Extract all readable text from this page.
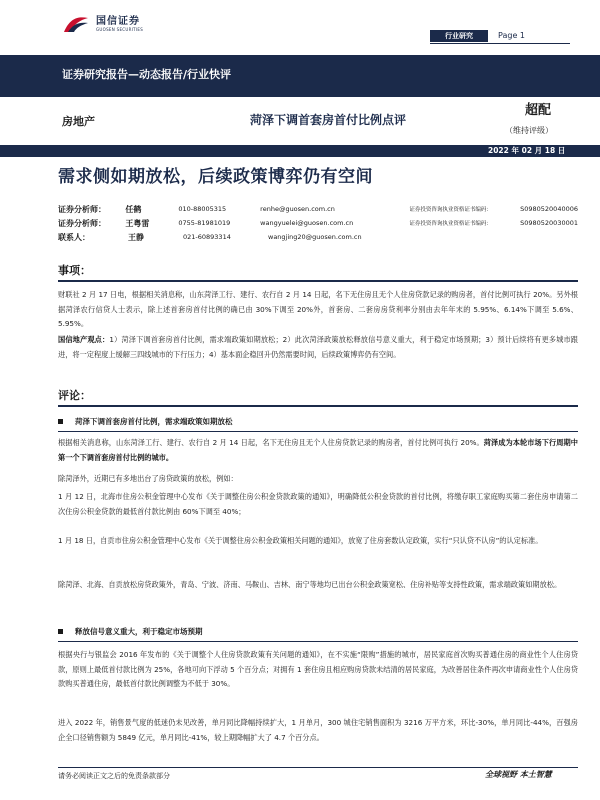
国信证券
GUOSEN SECURITIES
行业研究	Page 1
证券研究报告—动态报告/行业快评
房地产	菏泽下调首套房首付比例点评
超配
（维持评级）
2022 年 02 月 18 日
需求侧如期放松，后续政策博弈仍有空间
证券分析师：	任鹤	010-88005315	renhe@guosen.com.cn	证券投资咨询执业资格证书编码：	S0980520040006
证券分析师：	王粤雷	0755-81981019	wangyuelei@guosen.com.cn	证券投资咨询执业资格证书编码：	S0980520030001
联系人：	王静	021-60893314	wangjing20@guosen.com.cn
事项：

财联社 2 月 17 日电，根据相关消息称，山东菏泽工行、建行、农行自 2 月 14 日起，名下无住房且无个人住房贷款记录的购房者，首付比例可执行 20%。另外根据菏泽农行信贷人士表示，除上述首套房首付比例的确已由 30%下调至 20%外，首套房、二套房房贷利率分别由去年年末的 5.95%、6.14%下调至 5.6%、5.95%。

国信地产观点：1）菏泽下调首套房首付比例，需求端政策如期放松；2）此次菏泽政策放松释放信号意义重大，利于稳定市场预期；3）预计后续将有更多城市跟进，将一定程度上缓解三四线城市的下行压力；4）基本面企稳回升仍然需要时间，后续政策博弈仍有空间。

评论：
菏泽下调首套房首付比例，需求端政策如期放松

根据相关消息称，山东菏泽工行、建行、农行自 2 月 14 日起，名下无住房且无个人住房贷款记录的购房者，首付比例可执行 20%。菏泽成为本轮市场下行周期中第一个下调首套房首付比例的城市。

除菏泽外，近期已有多地出台了房贷政策的放松，例如：

1 月 12 日，北海市住房公积金管理中心发布《关于调整住房公积金贷款政策的通知》，明确降低公积金贷款的首付比例，将缴存职工家庭购买第二套住房申请第二次住房公积金贷款的最低首付款比例由 60%下调至 40%；

1 月 18 日，自贡市住房公积金管理中心发布《关于调整住房公积金政策相关问题的通知》，放宽了住房套数认定政策，实行“只认贷不认房”的认定标准。

除菏泽、北海、自贡放松房贷政策外，青岛、宁波、济南、马鞍山、吉林、南宁等地均已出台公积金政策宽松、住房补贴等支持性政策，需求端政策如期放松。

释放信号意义重大，利于稳定市场预期

根据央行与银监会 2016 年发布的《关于调整个人住房贷款政策有关问题的通知》，在不实施“限购”措施的城市，居民家庭首次购买普通住房的商业性个人住房贷款，原则上最低首付款比例为 25%，各地可向下浮动 5 个百分点；对拥有 1 套住房且相应购房贷款未结清的居民家庭，为改善居住条件再次申请商业性个人住房贷款购买普通住房，最低首付款比例调整为不低于 30%。

进入 2022 年，销售景气度的低迷仍未见改善，单月同比降幅持续扩大，1 月单月，300 城住宅销售面积为 3216 万平方米，环比-30%，单月同比-44%，百强房企全口径销售额为 5849 亿元，单月同比-41%，较上期降幅扩大了 4.7 个百分点。

请务必阅读正文之后的免责条款部分	全球视野 本土智慧
